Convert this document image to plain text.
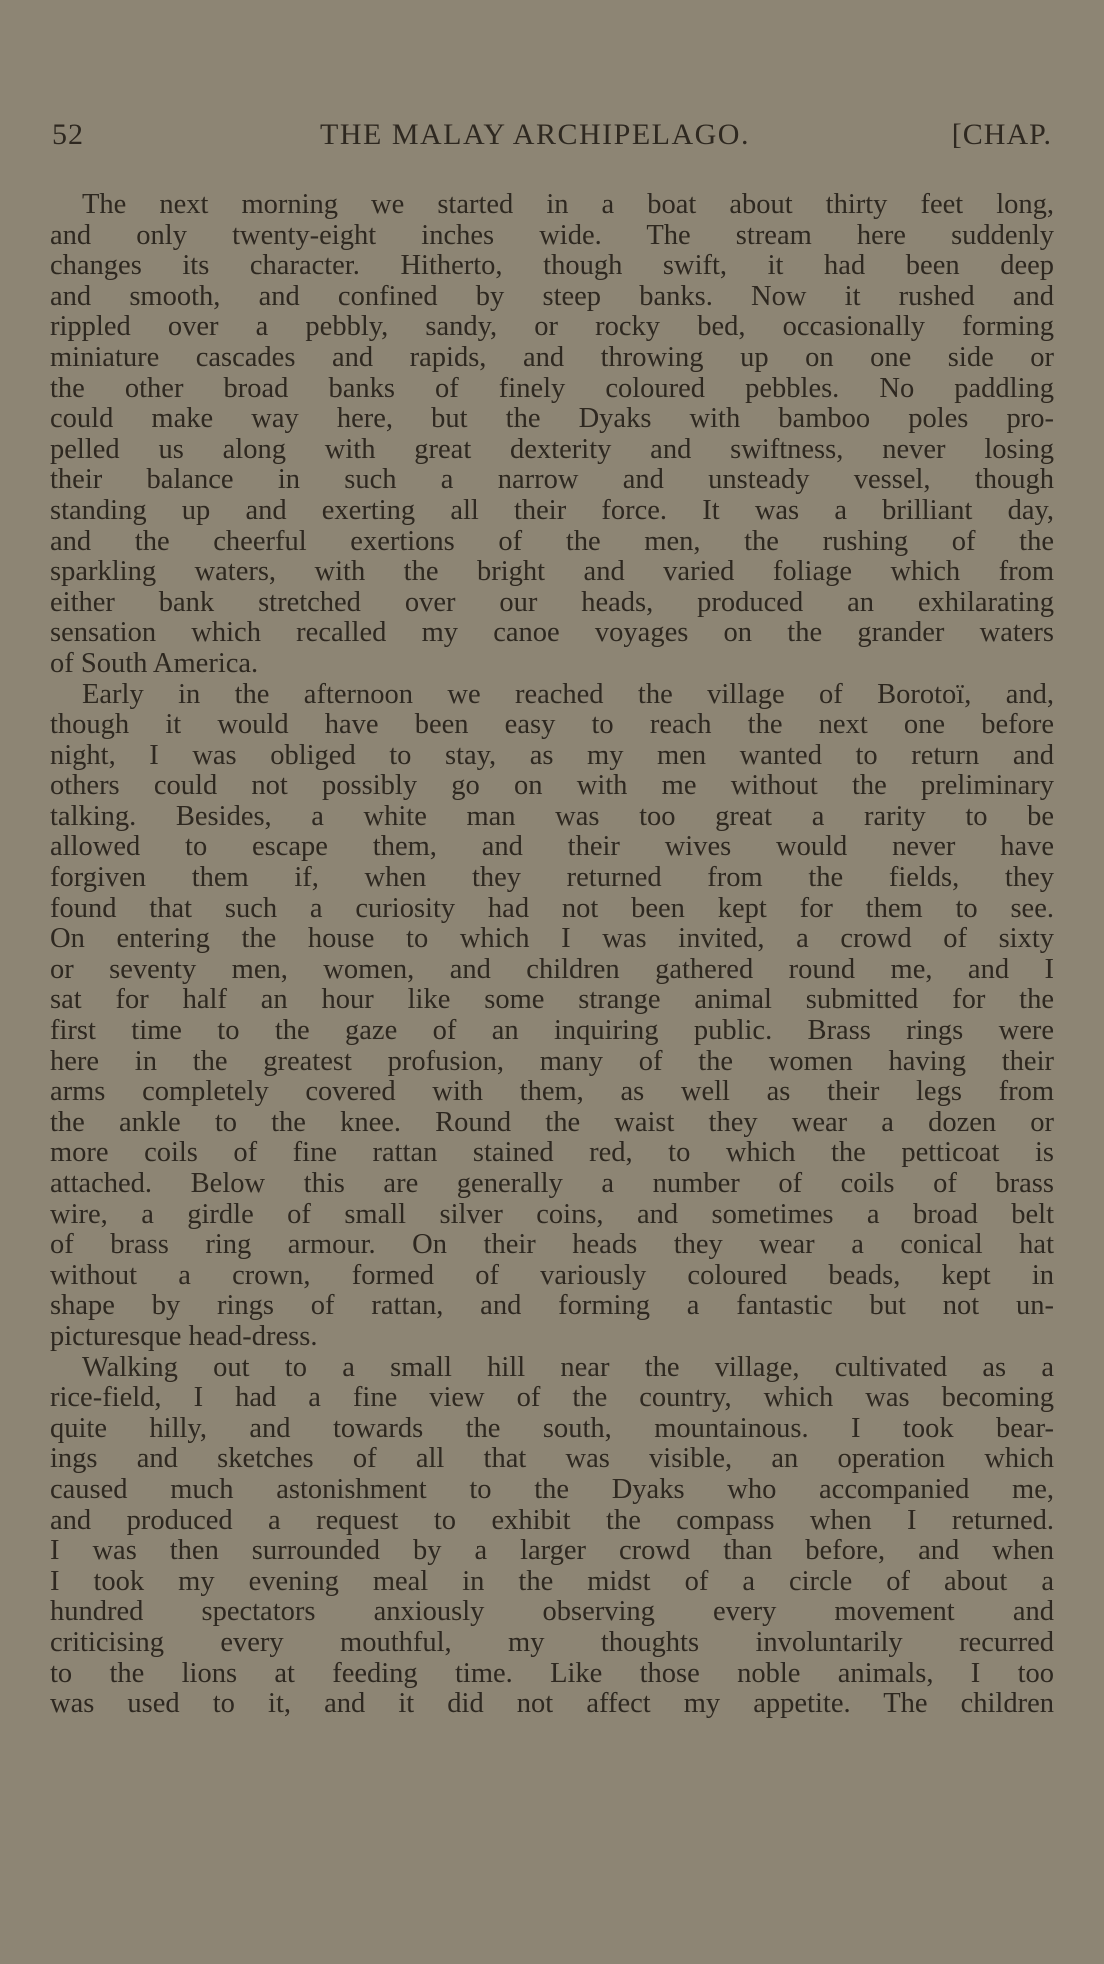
52	THE MALAY ARCHIPELAGO.	[CHAP.
The next morning we started in a boat about thirty feet long,
and only twenty-eight inches wide. The stream here suddenly
changes its character. Hitherto, though swift, it had been deep
and smooth, and confined by steep banks. Now it rushed and
rippled over a pebbly, sandy, or rocky bed, occasionally forming
miniature cascades and rapids, and throwing up on one side or
the other broad banks of finely coloured pebbles. No paddling
could make way here, but the Dyaks with bamboo poles pro-
pelled us along with great dexterity and swiftness, never losing
their balance in such a narrow and unsteady vessel, though
standing up and exerting all their force. It was a brilliant day,
and the cheerful exertions of the men, the rushing of the
sparkling waters, with the bright and varied foliage which from
either bank stretched over our heads, produced an exhilarating
sensation which recalled my canoe voyages on the grander waters
of South America.
Early in the afternoon we reached the village of Borotoï, and,
though it would have been easy to reach the next one before
night, I was obliged to stay, as my men wanted to return and
others could not possibly go on with me without the preliminary
talking. Besides, a white man was too great a rarity to be
allowed to escape them, and their wives would never have
forgiven them if, when they returned from the fields, they
found that such a curiosity had not been kept for them to see.
On entering the house to which I was invited, a crowd of sixty
or seventy men, women, and children gathered round me, and I
sat for half an hour like some strange animal submitted for the
first time to the gaze of an inquiring public. Brass rings were
here in the greatest profusion, many of the women having their
arms completely covered with them, as well as their legs from
the ankle to the knee. Round the waist they wear a dozen or
more coils of fine rattan stained red, to which the petticoat is
attached. Below this are generally a number of coils of brass
wire, a girdle of small silver coins, and sometimes a broad belt
of brass ring armour. On their heads they wear a conical hat
without a crown, formed of variously coloured beads, kept in
shape by rings of rattan, and forming a fantastic but not un-
picturesque head-dress.
Walking out to a small hill near the village, cultivated as a
rice-field, I had a fine view of the country, which was becoming
quite hilly, and towards the south, mountainous. I took bear-
ings and sketches of all that was visible, an operation which
caused much astonishment to the Dyaks who accompanied me,
and produced a request to exhibit the compass when I returned.
I was then surrounded by a larger crowd than before, and when
I took my evening meal in the midst of a circle of about a
hundred spectators anxiously observing every movement and
criticising every mouthful, my thoughts involuntarily recurred
to the lions at feeding time. Like those noble animals, I too
was used to it, and it did not affect my appetite. The children
